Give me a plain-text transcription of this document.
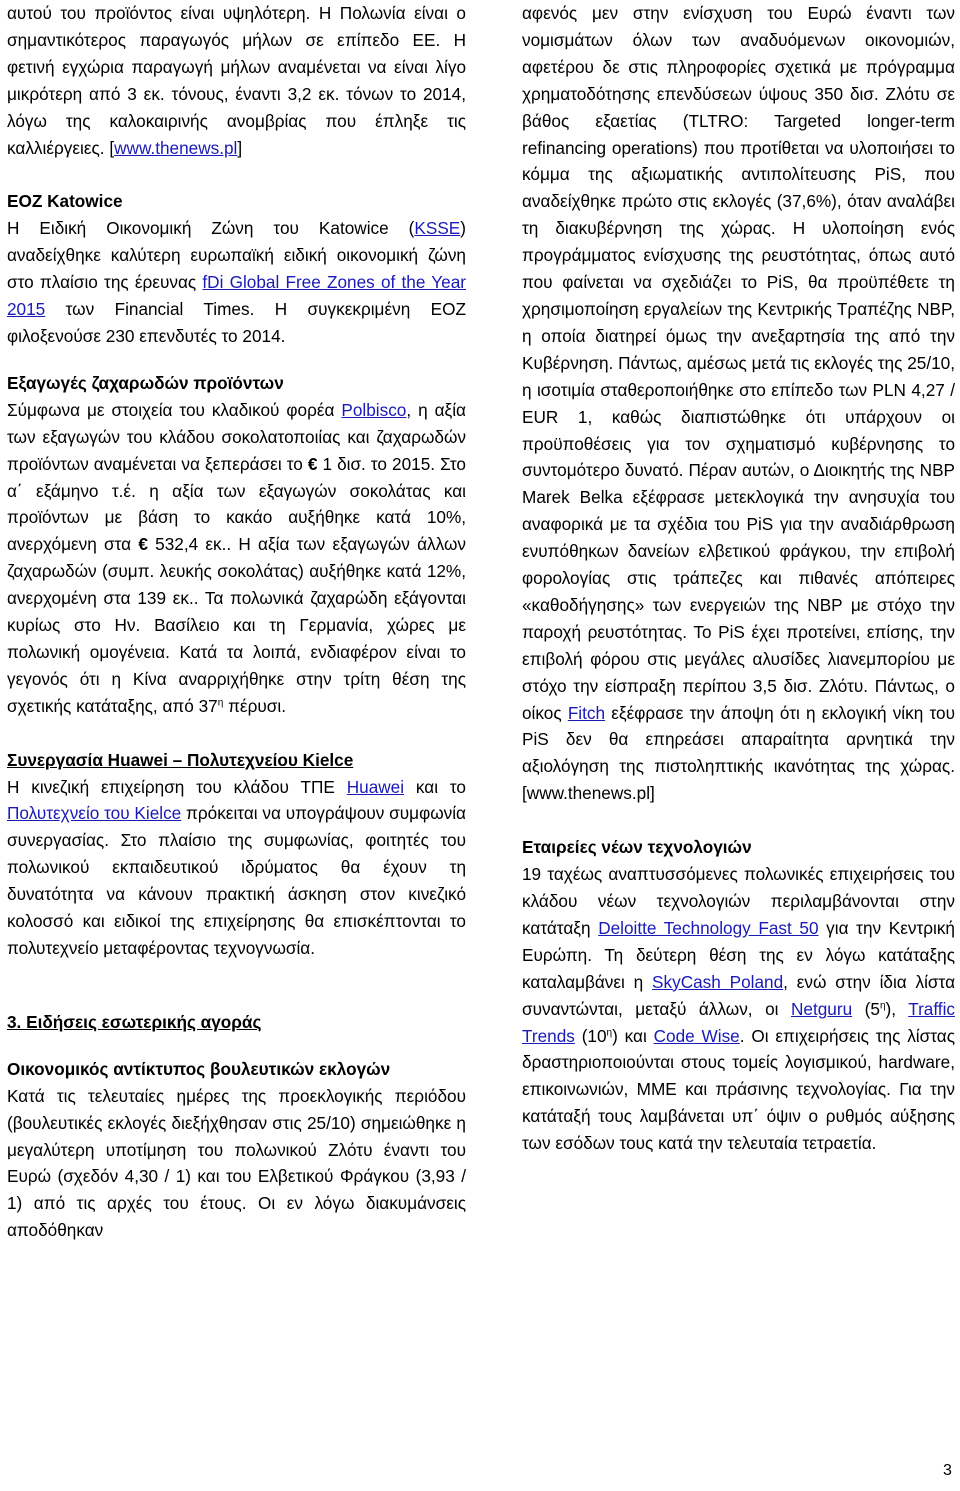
αυτού του προϊόντος είναι υψηλότερη. Η Πολωνία είναι ο σημαντικότερος παραγωγός μήλων σε επίπεδο ΕΕ. Η φετινή εγχώρια παραγωγή μήλων αναμένεται να είναι λίγο μικρότερη από 3 εκ. τόνους, έναντι 3,2 εκ. τόνων το 2014, λόγω της καλοκαιρινής ανομβρίας που έπληξε τις καλλιέργειες. [www.thenews.pl]

ΕΟΖ Katowice

Η Ειδική Οικονομική Ζώνη του Katowice (KSSE) αναδείχθηκε καλύτερη ευρωπαϊκή ειδική οικονομική ζώνη στο πλαίσιο της έρευνας fDi Global Free Zones of the Year 2015 των Financial Times. Η συγκεκριμένη ΕΟΖ φιλοξενούσε 230 επενδυτές το 2014.

Εξαγωγές ζαχαρωδών προϊόντων

Σύμφωνα με στοιχεία του κλαδικού φορέα Polbisco, η αξία των εξαγωγών του κλάδου σοκολατοποιίας και ζαχαρωδών προϊόντων αναμένεται να ξεπεράσει το € 1 δισ. το 2015. Στο α΄ εξάμηνο τ.έ. η αξία των εξαγωγών σοκολάτας και προϊόντων με βάση το κακάο αυξήθηκε κατά 10%, ανερχόμενη στα € 532,4 εκ.. Η αξία των εξαγωγών άλλων ζαχαρωδών (συμπ. λευκής σοκολάτας) αυξήθηκε κατά 12%, ανερχομένη στα 139 εκ.. Τα πολωνικά ζαχαρώδη εξάγονται κυρίως στο Ην. Βασίλειο και τη Γερμανία, χώρες με πολωνική ομογένεια. Κατά τα λοιπά, ενδιαφέρον είναι το γεγονός ότι η Κίνα αναρριχήθηκε στην τρίτη θέση της σχετικής κατάταξης, από $37^\eta$ πέρυσι.

Συνεργασία Huawei – Πολυτεχνείου Kielce

Η κινεζική επιχείρηση του κλάδου ΤΠΕ Huawei και το Πολυτεχνείο του Kielce πρόκειται να υπογράψουν συμφωνία συνεργασίας. Στο πλαίσιο της συμφωνίας, φοιτητές του πολωνικού εκπαιδευτικού ιδρύματος θα έχουν τη δυνατότητα να κάνουν πρακτική άσκηση στον κινεζικό κολοσσό και ειδικοί της επιχείρησης θα επισκέπτονται το πολυτεχνείο μεταφέροντας τεχνογνωσία.

3. Ειδήσεις εσωτερικής αγοράς

Οικονομικός αντίκτυπος βουλευτικών εκλογών

Κατά τις τελευταίες ημέρες της προεκλογικής περιόδου (βουλευτικές εκλογές διεξήχθησαν στις 25/10) σημειώθηκε η μεγαλύτερη υποτίμηση του πολωνικού Ζλότυ έναντι του Ευρώ (σχεδόν 4,30 / 1) και του Ελβετικού Φράγκου (3,93 / 1) από τις αρχές του έτους. Οι εν λόγω διακυμάνσεις αποδόθηκαν

αφενός μεν στην ενίσχυση του Ευρώ έναντι των νομισμάτων όλων των αναδυόμενων οικονομιών, αφετέρου δε στις πληροφορίες σχετικά με πρόγραμμα χρηματοδότησης επενδύσεων ύψους 350 δισ. Ζλότυ σε βάθος εξαετίας (TLTRO: Targeted longer-term refinancing operations) που προτίθεται να υλοποιήσει το κόμμα της αξιωματικής αντιπολίτευσης PiS, που αναδείχθηκε πρώτο στις εκλογές (37,6%), όταν αναλάβει τη διακυβέρνηση της χώρας. Η υλοποίηση ενός προγράμματος ενίσχυσης της ρευστότητας, όπως αυτό που φαίνεται να σχεδιάζει το PiS, θα προϋπέθετε τη χρησιμοποίηση εργαλείων της Κεντρικής Τραπέζης NBP, η οποία διατηρεί όμως την ανεξαρτησία της από την Κυβέρνηση. Πάντως, αμέσως μετά τις εκλογές της 25/10, η ισοτιμία σταθεροποιήθηκε στο επίπεδο των PLN 4,27 / EUR 1, καθώς διαπιστώθηκε ότι υπάρχουν οι προϋποθέσεις για τον σχηματισμό κυβέρνησης το συντομότερο δυνατό. Πέραν αυτών, ο Διοικητής της NBP Marek Belka εξέφρασε μετεκλογικά την ανησυχία του αναφορικά με τα σχέδια του PiS για την αναδιάρθρωση ενυπόθηκων δανείων ελβετικού φράγκου, την επιβολή φορολογίας στις τράπεζες και πιθανές απόπειρες «καθοδήγησης» των ενεργειών της NBP με στόχο την παροχή ρευστότητας. Το PiS έχει προτείνει, επίσης, την επιβολή φόρου στις μεγάλες αλυσίδες λιανεμπορίου με στόχο την είσπραξη περίπου 3,5 δισ. Ζλότυ. Πάντως, ο οίκος Fitch εξέφρασε την άποψη ότι η εκλογική νίκη του PiS δεν θα επηρεάσει απαραίτητα αρνητικά την αξιολόγηση της πιστοληπτικής ικανότητας της χώρας. [www.thenews.pl]

Εταιρείες νέων τεχνολογιών

19 ταχέως αναπτυσσόμενες πολωνικές επιχειρήσεις του κλάδου νέων τεχνολογιών περιλαμβάνονται στην κατάταξη Deloitte Technology Fast 50 για την Κεντρική Ευρώπη. Τη δεύτερη θέση της εν λόγω κατάταξης καταλαμβάνει η SkyCash Poland, ενώ στην ίδια λίστα συναντώνται, μεταξύ άλλων, οι Netguru $(5^\eta)$, Traffic Trends $(10^\eta)$ και Code Wise. Οι επιχειρήσεις της λίστας δραστηριοποιούνται στους τομείς λογισμικού, hardware, επικοινωνιών, ΜΜΕ και πράσινης τεχνολογίας. Για την κατάταξή τους λαμβάνεται υπ΄ όψιν ο ρυθμός αύξησης των εσόδων τους κατά την τελευταία τετραετία.

3
